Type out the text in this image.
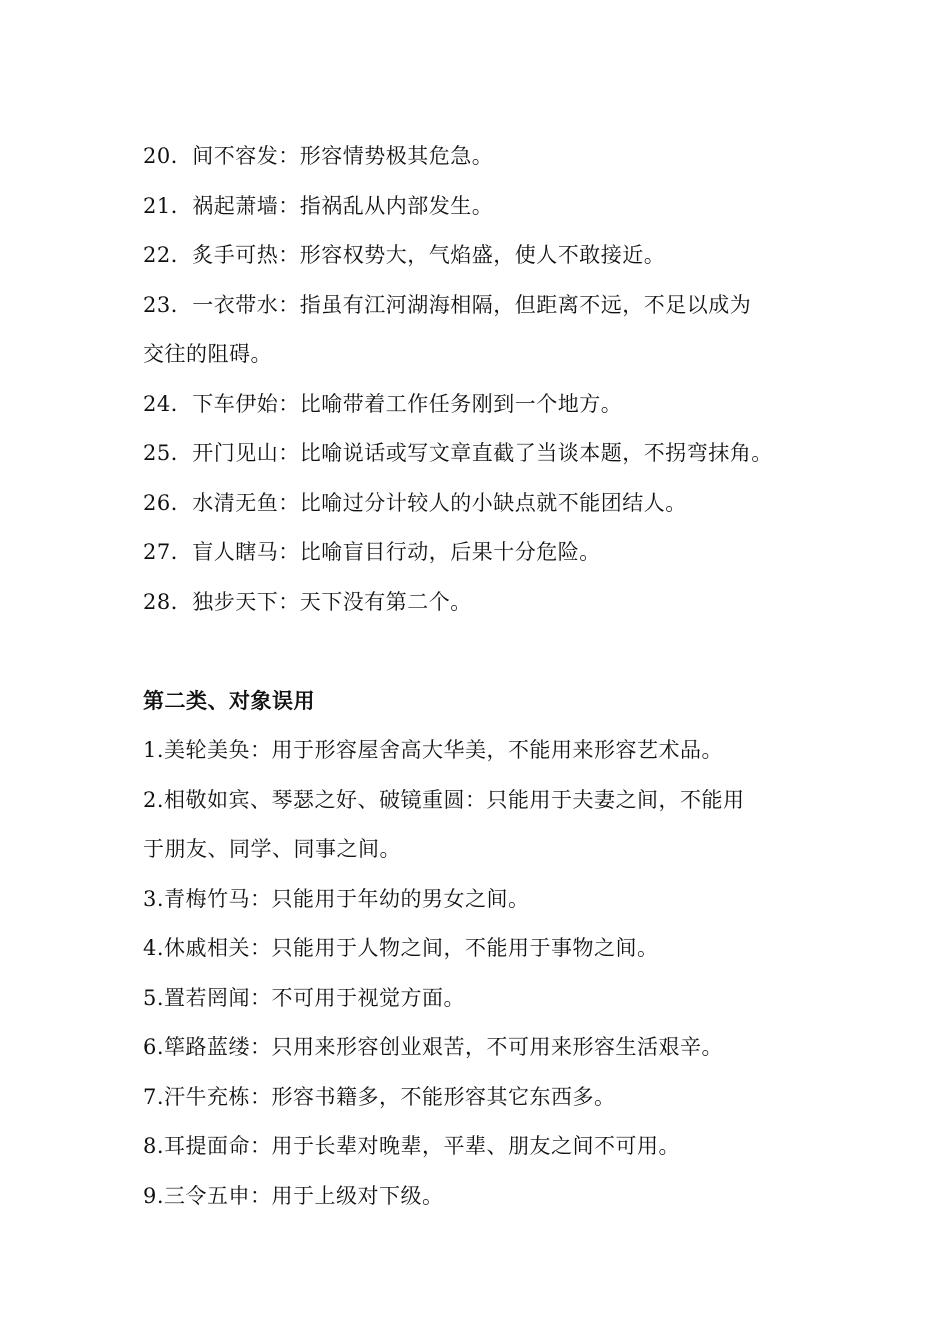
20．间不容发：形容情势极其危急。
21．祸起萧墙：指祸乱从内部发生。
22．炙手可热：形容权势大，气焰盛，使人不敢接近。
23．一衣带水：指虽有江河湖海相隔，但距离不远，不足以成为
交往的阻碍。
24．下车伊始：比喻带着工作任务刚到一个地方。
25．开门见山：比喻说话或写文章直截了当谈本题，不拐弯抹角。
26．水清无鱼：比喻过分计较人的小缺点就不能团结人。
27．盲人瞎马：比喻盲目行动，后果十分危险。
28．独步天下：天下没有第二个。
第二类、对象误用
1.美轮美奂：用于形容屋舍高大华美，不能用来形容艺术品。
2.相敬如宾、琴瑟之好、破镜重圆：只能用于夫妻之间，不能用
于朋友、同学、同事之间。
3.青梅竹马：只能用于年幼的男女之间。
4.休戚相关：只能用于人物之间，不能用于事物之间。
5.置若罔闻：不可用于视觉方面。
6.筚路蓝缕：只用来形容创业艰苦，不可用来形容生活艰辛。
7.汗牛充栋：形容书籍多，不能形容其它东西多。
8.耳提面命：用于长辈对晚辈，平辈、朋友之间不可用。
9.三令五申：用于上级对下级。
